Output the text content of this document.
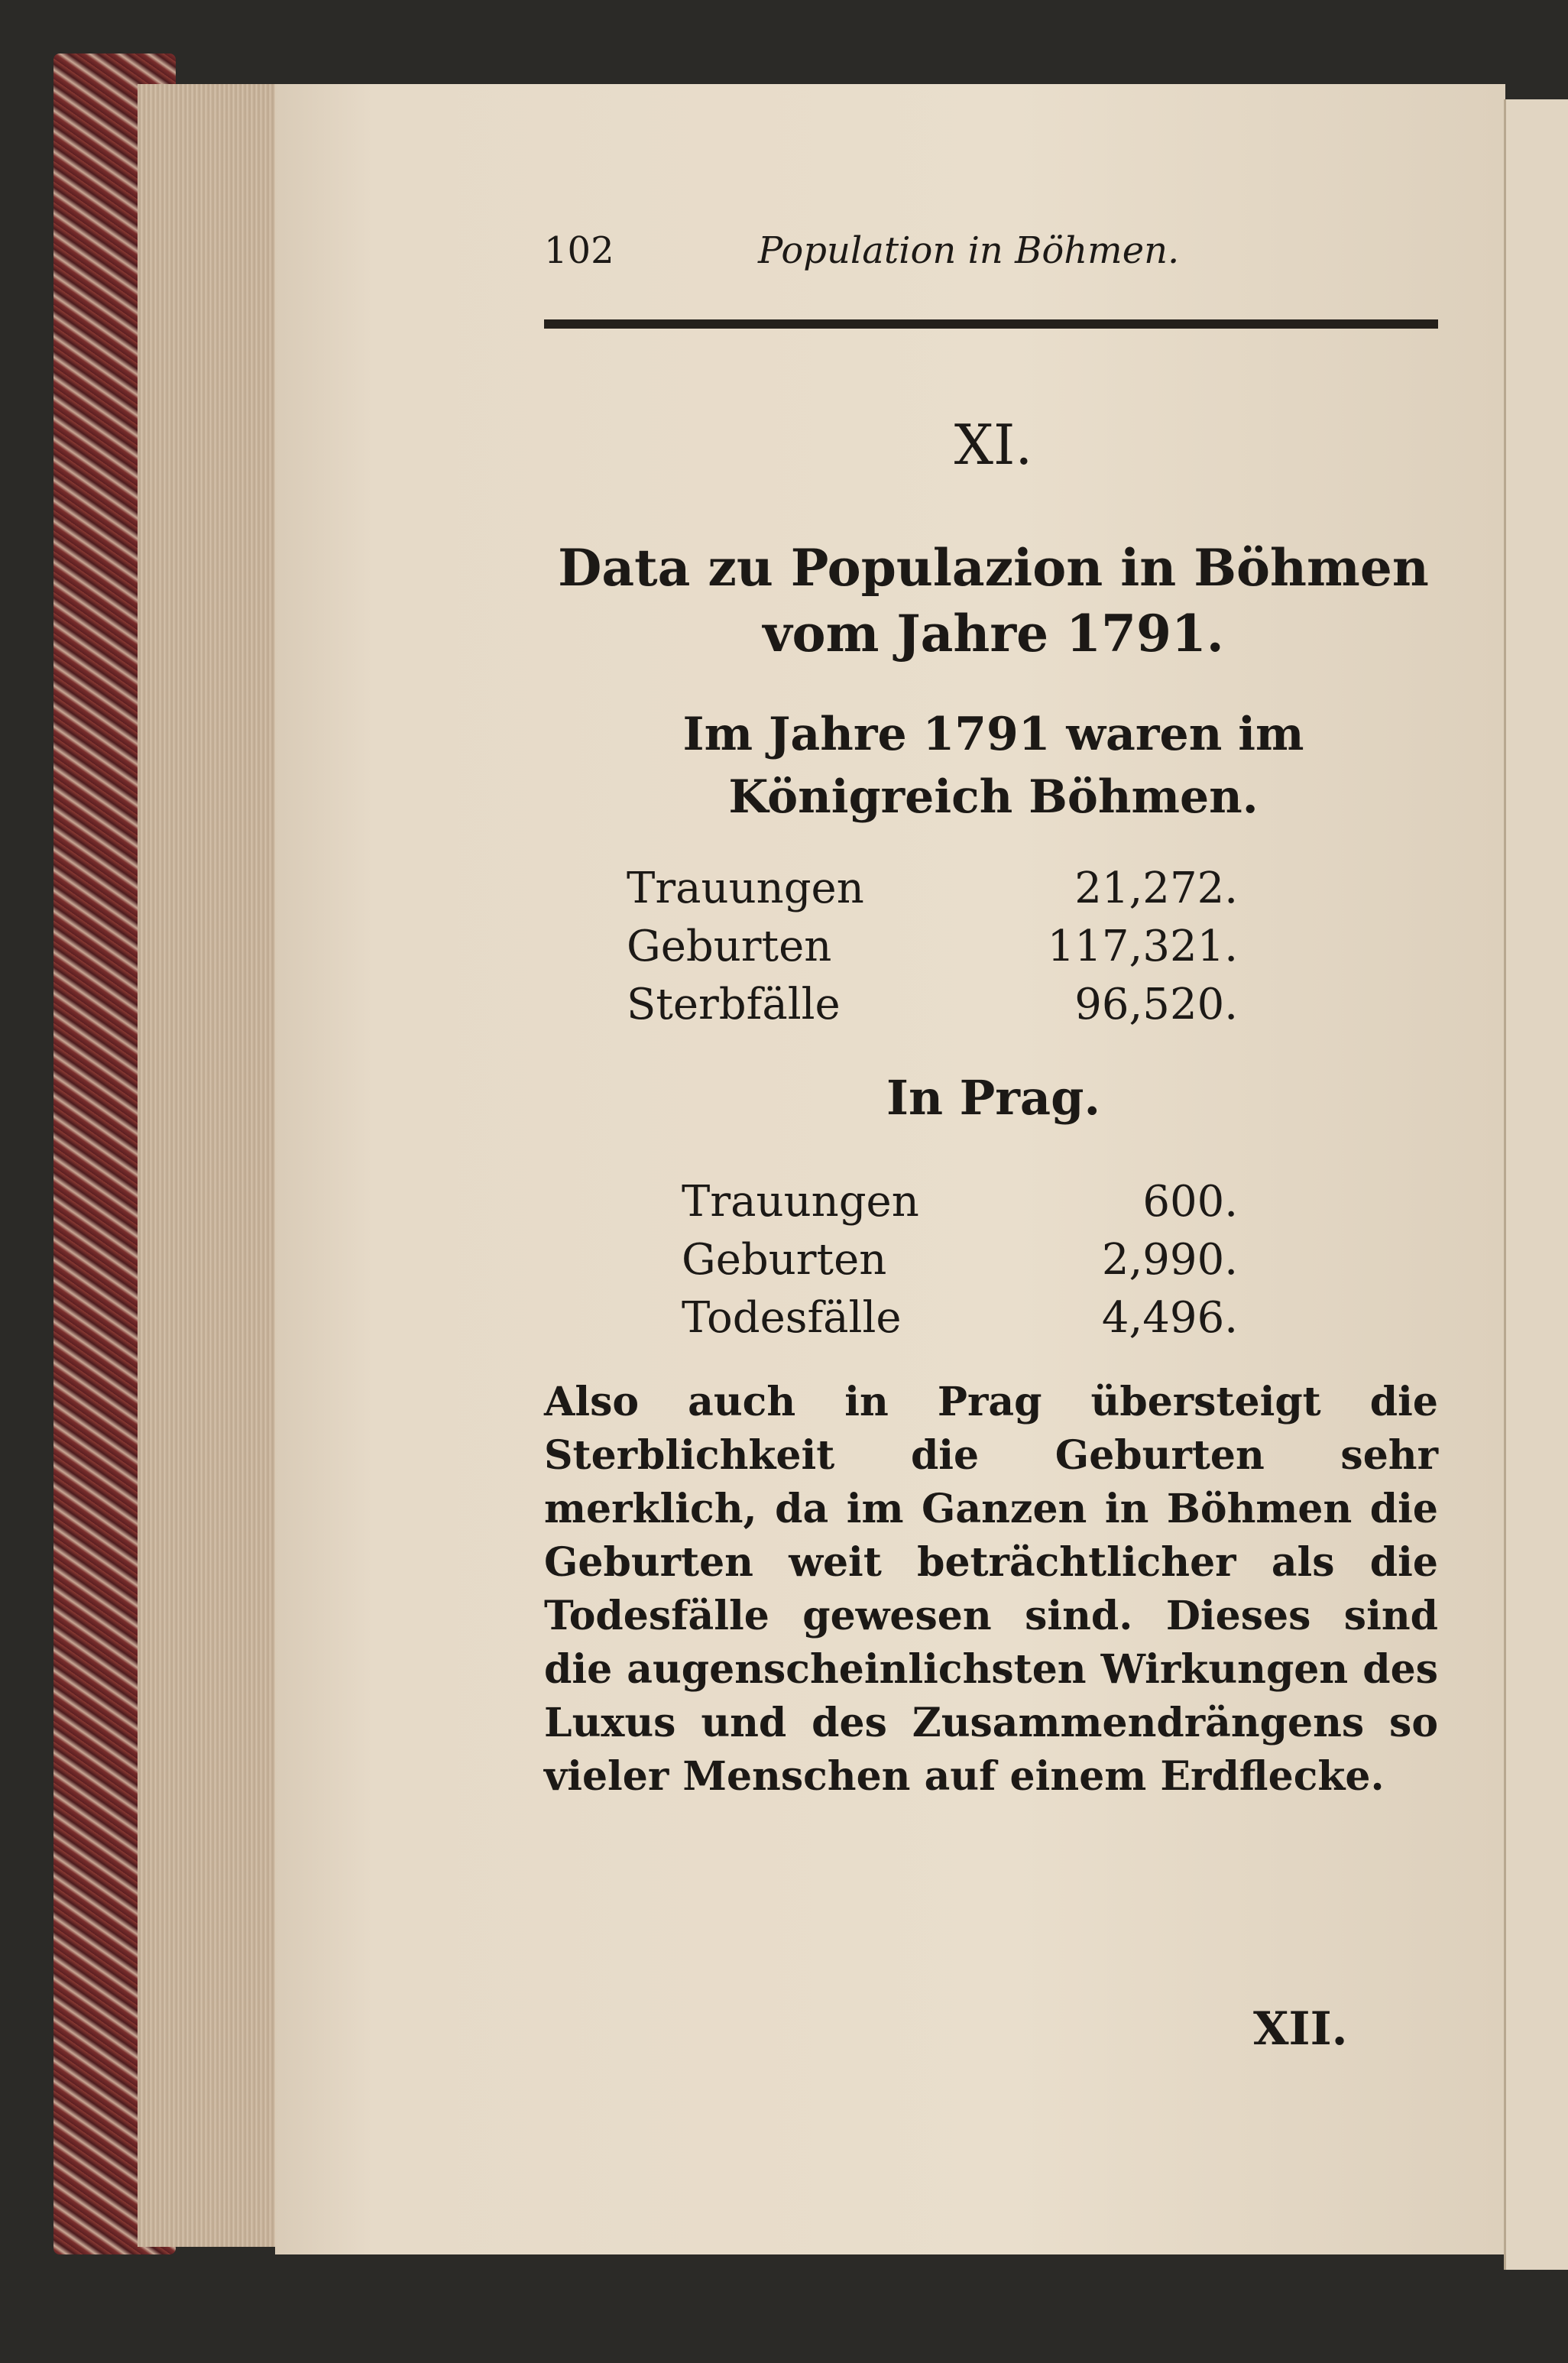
102	Population in Böhmen.
XI.
Data zu Populazion in Böhmen vom Jahre 1791.
Im Jahre 1791 waren im Königreich Böhmen.
Trauungen	21,272.
Geburten	117,321.
Sterbfälle	96,520.
In Prag.
Trauungen	600.
Geburten	2,990.
Todesfälle	4,496.
Also auch in Prag übersteigt die Sterblichkeit die Geburten sehr merklich, da im Ganzen in Böhmen die Geburten weit beträchtlicher als die Todesfälle gewesen sind. Dieses sind die augenscheinlichsten Wirkungen des Luxus und des Zusammendrängens so vieler Menschen auf einem Erdflecke.
XII.
